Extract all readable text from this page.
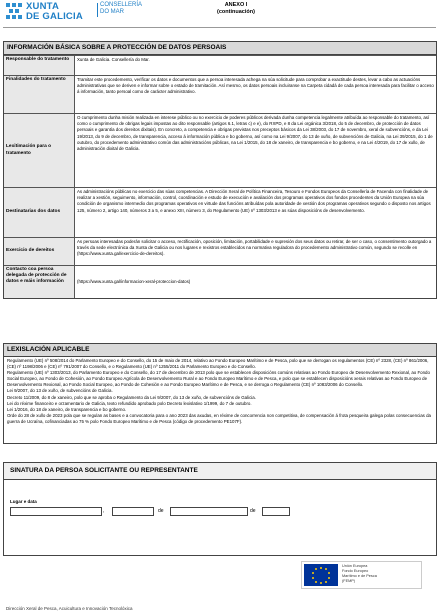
XUNTA
DE GALICIA
CONSELLERÍA
DO MAR
ANEXO I
(continuación)
INFORMACIÓN BÁSICA SOBRE A PROTECCIÓN DE DATOS PERSOAIS
Responsable do tratamento	Xunta de Galicia. Consellería do Mar.
Finalidades do tratamento	Tramitar este procedemento, verificar os datos e documentos que a persoa interesada achega na súa solicitude para comprobar a exactitude destes, levar a cabo as actuacións administrativas que se deriven e informar sobre o estado de tramitación. Así mesmo, os datos persoais incluiranse na Carpeta cidadá de cada persoa interesada para facilitar o acceso á información, tanto persoal como de carácter administrativo.
Lexitimación para o tratamento	O cumprimento dunha misión realizada en interese público ou no exercicio de poderes públicos derivada dunha competencia legalmente atribuída ao responsable do tratamento, así como o cumprimento de obrigas legais impostas ao dito responsable (artigos 6.1, letras c) e e), do RXPD, e 8 da Lei orgánica 3/2018, do 5 de decembro, de protección de datos persoais e garantía dos dereitos dixitais). En concreto, a competencia e obrigas previstas nos preceptos básicos da Lei 38/2003, do 17 de novembro, xeral de subvencións, e da Lei 19/2013, do 9 de decembro, de transparencia, acceso á información pública e bo goberno, así como na Lei 9/2007, do 13 de xuño, de subvencións de Galicia, na Lei 39/2015, do 1 de outubro, do procedemento administrativo común das administracións públicas, na Lei 1/2015, do 18 de xaneiro, de transparencia e bo goberno, e na Lei 4/2019, do 17 de xullo, de administración dixital de Galicia.
Destinatarias dos datos	As administracións públicas no exercicio das súas competencias. A Dirección Xeral de Política Financeira, Tesouro e Fondos Europeos da Consellería de Facenda con finalidade de realizar a xestión, seguimento, información, control, coordinación e estudo de execución e avaliación dos programas operativos dos fondos procedentes da Unión Europea na súa condición de organismo intermedio dos programas operativos en virtude das funcións atribuídas pola autoridade de xestión dos programas operativos segundo o disposto nos artigos 125, número 2, artigo 140, números 3 a 5, e anexo XIII, número 3, do Regulamento (UE) nº 1303/2013 e as súas disposicións de desenvolvemento.
Exercicio de dereitos	As persoas interesadas poderán solicitar o acceso, rectificación, oposición, limitación, portabilidade e supresión dos seus datos ou retirar, de ser o caso, o consentimento outorgado a través da sede electrónica da Xunta de Galicia ou nos lugares e rexistros establecidos na normativa reguladora do procedemento administrativo común, segundo se recolle en (https://www.xunta.gal/exercicio-de-dereitos).
Contacto coa persoa delegada de protección de datos e máis información	(https://www.xunta.gal/informacion-xeral-proteccion-datos)
LEXISLACIÓN APLICABLE
Regulamento (UE) nº 508/2014 do Parlamento Europeo e do Consello, do 15 de maio de 2014, relativo ao Fondo Europeo Marítimo e de Pesca, polo que se derrogan os regulamentos (CE) nº 2328, (CE) nº 861/2006, (CE) nº 1198/2006 e (CE) nº 791/2007 do Consello, e o Regulamento (UE) nº 1255/2011 do Parlamento Europeo e do Consello.
Regulamento (UE) nº 1303/2013, do Parlamento Europeo e do Consello, do 17 de decembro de 2013 polo que se establecen disposicións comúns relativas ao Fondo Europeo de Desenvolvemento Rexional, ao Fondo Social Europeo, ao Fondo de Cohesión, ao Fondo Europeo Agrícola de Desenvolvemento Rural e ao Fondo Europeo Marítimo e de Pesca, e polo que se establecen disposicións xerais relativas ao Fondo Europeo de Desenvolvemento Rexional, ao Fondo Social Europeo, ao Fondo de Cohesión e ao Fondo Europeo Marítimo e de Pesca, e se derroga o Regulamento (CE) nº 1083/2006 do Consello.
Lei 9/2007, do 13 de xuño, de subvencións de Galicia.
Decreto 11/2009, do 8 de xaneiro, polo que se aproba o Regulamento da Lei 9/2007, do 13 de xuño, de subvencións de Galicia.
Lei do réxime financeiro e orzamentario de Galicia, texto refundido aprobado polo Decreto lexislativo 1/1999, do 7 de outubro.
Lei 1/2016, do 18 de xaneiro, de transparencia e bo goberno.
Orde do 28 de xullo de 2023 pola que se regulan as bases e a convocatoria para o ano 2023 das axudas, en réxime de concorrencia non competitiva, de compensación á frota pesqueira galega polas consecuencias da guerra de Ucraína, cofinanciadas ao 75 % polo Fondo Europeo Marítimo e de Pesca (código de procedemento PE107F).
SINATURA DA PERSOA SOLICITANTE OU REPRESENTANTE
Lugar e data
,	de	de
Unión Europea
Fondo Europeo
Marítimo e de Pesca
(FEMP)
Dirección Xeral de Pesca, Acuicultura e Innovación Tecnolóxica
